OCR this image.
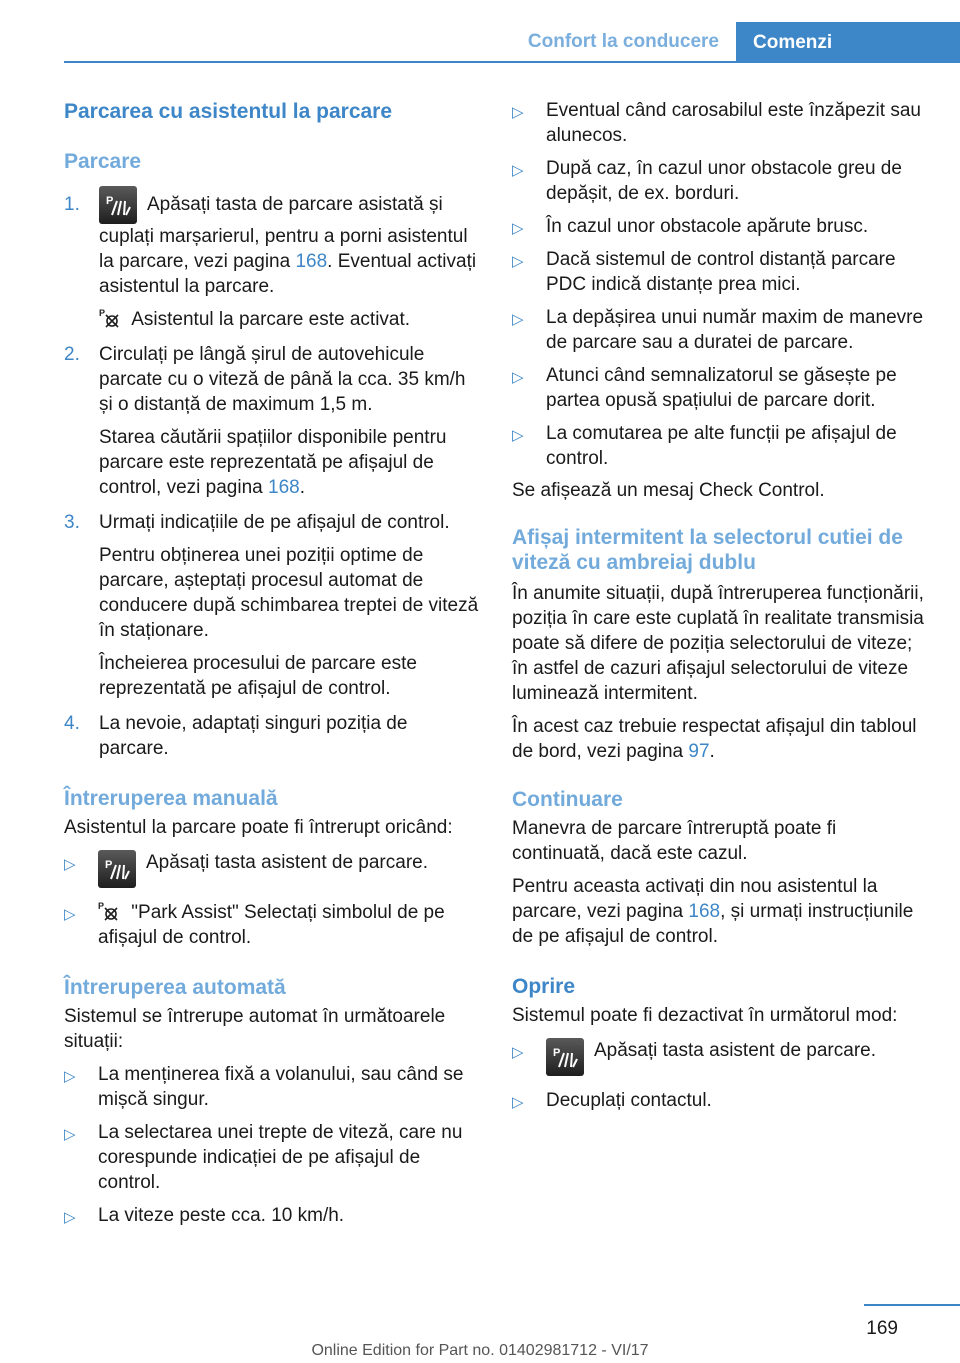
Confort la conducere	Comenzi
Parcarea cu asistentul la parcare
Parcare
1. P Apăsați tasta de parcare asistată și cuplați marșarierul, pentru a porni asistentul la parcare, vezi pagina 168. Eventual activați asistentul la parcare.

P Asistentul la parcare este activat.

2. Circulați pe lângă șirul de autovehicule parcate cu o viteză de până la cca. 35 km/h și o distanță de maximum 1,5 m.

Starea căutării spațiilor disponibile pentru parcare este reprezentată pe afișajul de control, vezi pagina 168.

3. Urmați indicațiile de pe afișajul de control.

Pentru obținerea unei poziții optime de parcare, așteptați procesul automat de conducere după schimbarea treptei de viteză în staționare.

Încheierea procesului de parcare este reprezentată pe afișajul de control.

4. La nevoie, adaptați singuri poziția de parcare.

Întreruperea manuală

Asistentul la parcare poate fi întrerupt oricând:

▷	P Apăsați tasta asistent de parcare.

▷ P "Park Assist" Selectați simbolul de pe afișajul de control.

Întreruperea automată

Sistemul se întrerupe automat în următoarele situații:

▷ La menținerea fixă a volanului, sau când se mișcă singur.

▷ La selectarea unei trepte de viteză, care nu corespunde indicației de pe afișajul de control.

▷ La viteze peste cca. 10 km/h.

▷ Eventual când carosabilul este înzăpezit sau alunecos.

▷ După caz, în cazul unor obstacole greu de depășit, de ex. borduri.

▷ În cazul unor obstacole apărute brusc.

▷ Dacă sistemul de control distanță parcare PDC indică distanțe prea mici.

▷ La depășirea unui număr maxim de manevre de parcare sau a duratei de parcare.

▷ Atunci când semnalizatorul se găsește pe partea opusă spațiului de parcare dorit.

▷ La comutarea pe alte funcții pe afișajul de control.

Se afișează un mesaj Check Control.

Afișaj intermitent la selectorul cutiei de viteză cu ambreiaj dublu

În anumite situații, după întreruperea funcționării, poziția în care este cuplată în realitate transmisia poate să difere de poziția selectorului de viteze; în astfel de cazuri afișajul selectorului de viteze luminează intermitent.

În acest caz trebuie respectat afișajul din tabloul de bord, vezi pagina 97.

Continuare

Manevra de parcare întreruptă poate fi continuată, dacă este cazul.

Pentru aceasta activați din nou asistentul la parcare, vezi pagina 168, și urmați instrucțiunile de pe afișajul de control.

Oprire

Sistemul poate fi dezactivat în următorul mod:

▷	P Apăsați tasta asistent de parcare.

▷ Decuplați contactul.

169
Online Edition for Part no. 01402981712 - VI/17
